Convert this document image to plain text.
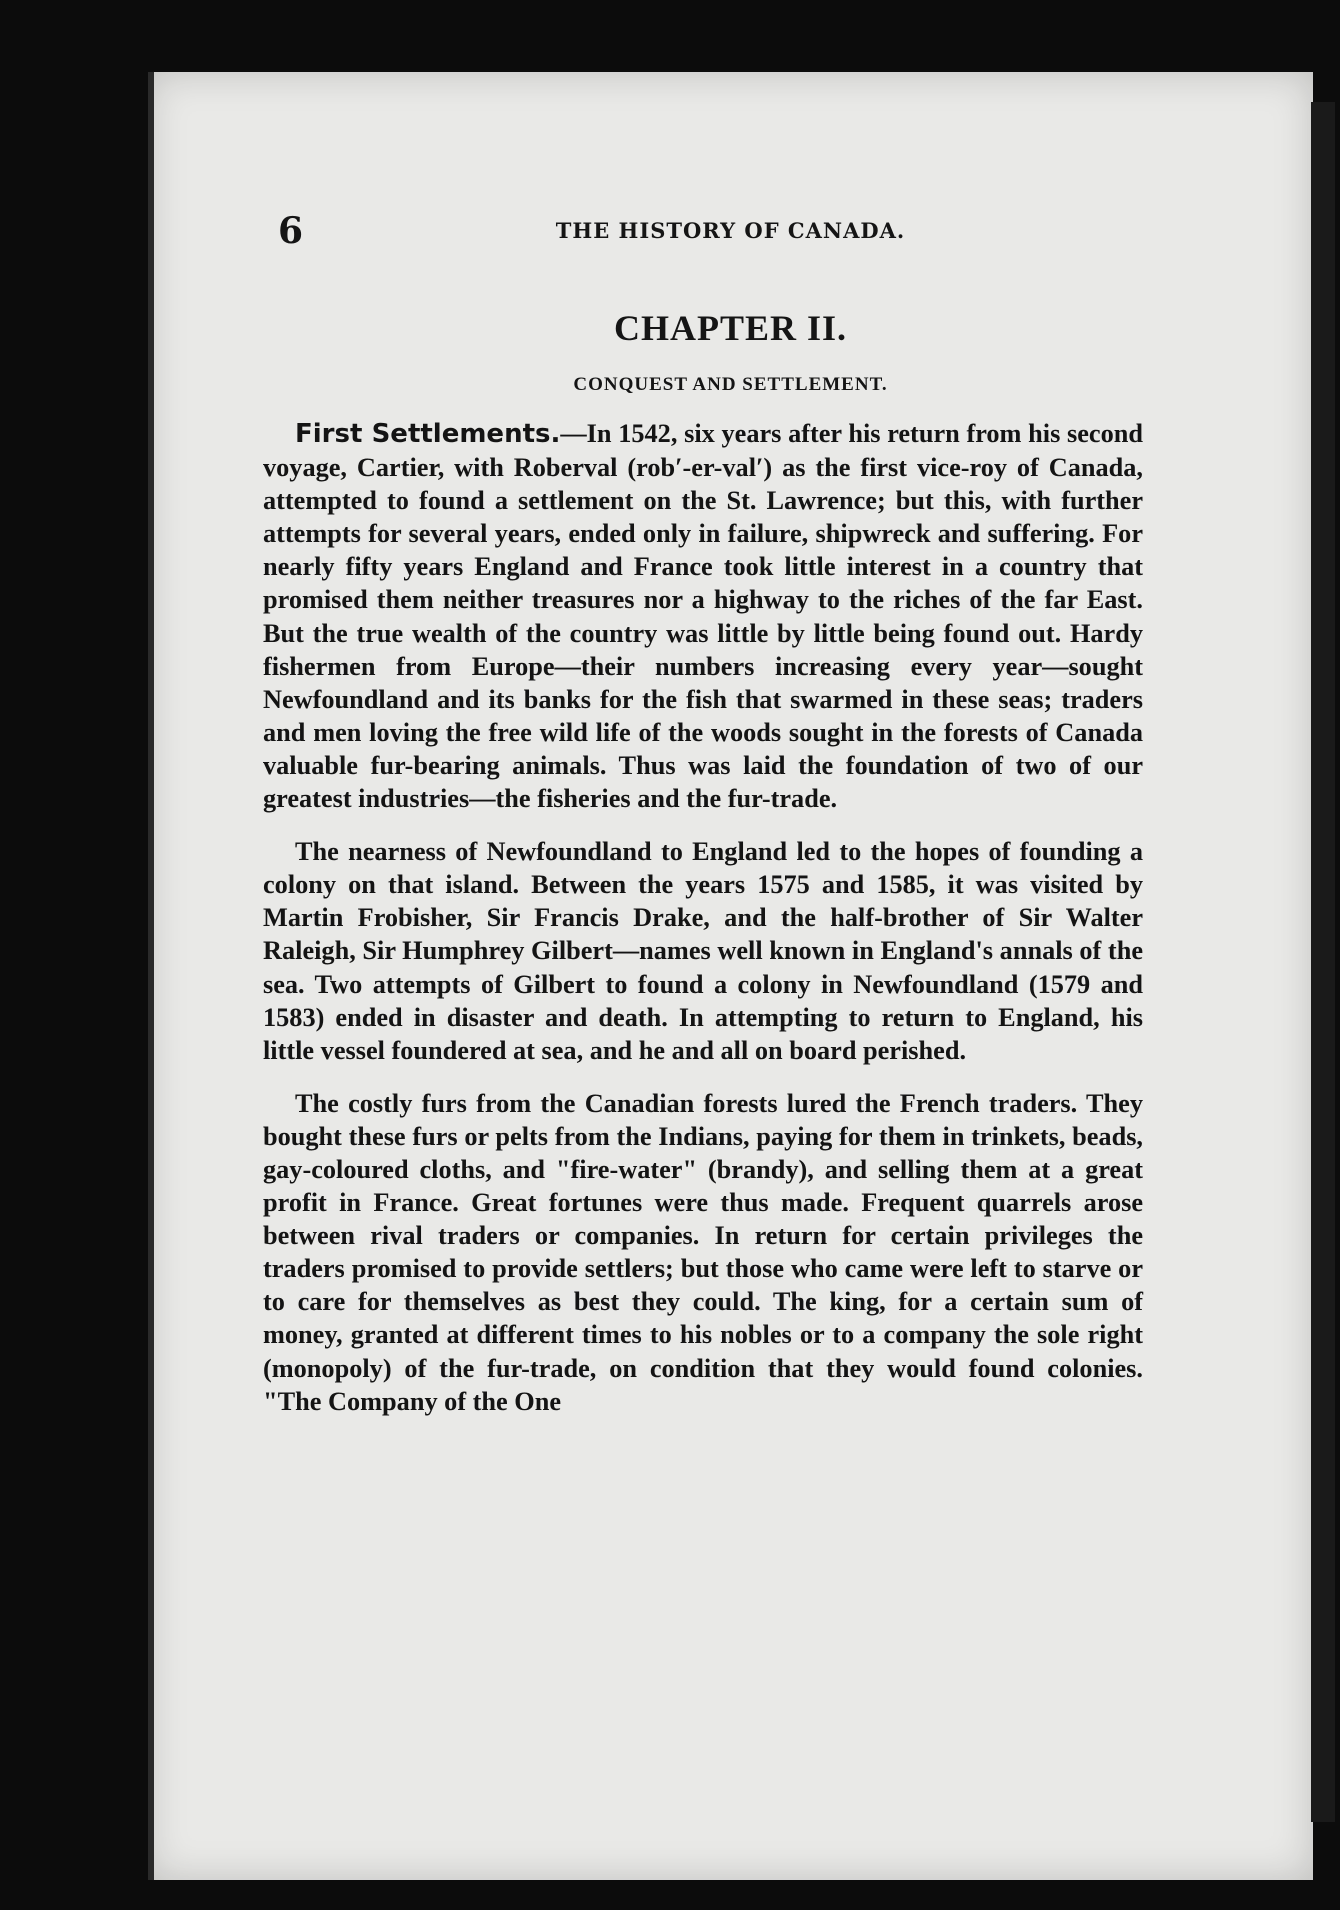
6	THE HISTORY OF CANADA.
CHAPTER II.
CONQUEST AND SETTLEMENT.

First Settlements.—In 1542, six years after his return from his second voyage, Cartier, with Roberval (rob′-er-val′) as the first vice-roy of Canada, attempted to found a settlement on the St. Lawrence; but this, with further attempts for several years, ended only in failure, shipwreck and suffering. For nearly fifty years England and France took little interest in a country that promised them neither treasures nor a highway to the riches of the far East. But the true wealth of the country was little by little being found out. Hardy fishermen from Europe—their numbers increasing every year—sought Newfoundland and its banks for the fish that swarmed in these seas; traders and men loving the free wild life of the woods sought in the forests of Canada valuable fur-bearing animals. Thus was laid the foundation of two of our greatest industries—the fisheries and the fur-trade.

The nearness of Newfoundland to England led to the hopes of founding a colony on that island. Between the years 1575 and 1585, it was visited by Martin Frobisher, Sir Francis Drake, and the half-brother of Sir Walter Raleigh, Sir Humphrey Gilbert—names well known in England's annals of the sea. Two attempts of Gilbert to found a colony in Newfoundland (1579 and 1583) ended in disaster and death. In attempting to return to England, his little vessel foundered at sea, and he and all on board perished.

The costly furs from the Canadian forests lured the French traders. They bought these furs or pelts from the Indians, paying for them in trinkets, beads, gay-coloured cloths, and "fire-water" (brandy), and selling them at a great profit in France. Great fortunes were thus made. Frequent quarrels arose between rival traders or companies. In return for certain privileges the traders promised to provide settlers; but those who came were left to starve or to care for themselves as best they could. The king, for a certain sum of money, granted at different times to his nobles or to a company the sole right (monopoly) of the fur-trade, on condition that they would found colonies. "The Company of the One
